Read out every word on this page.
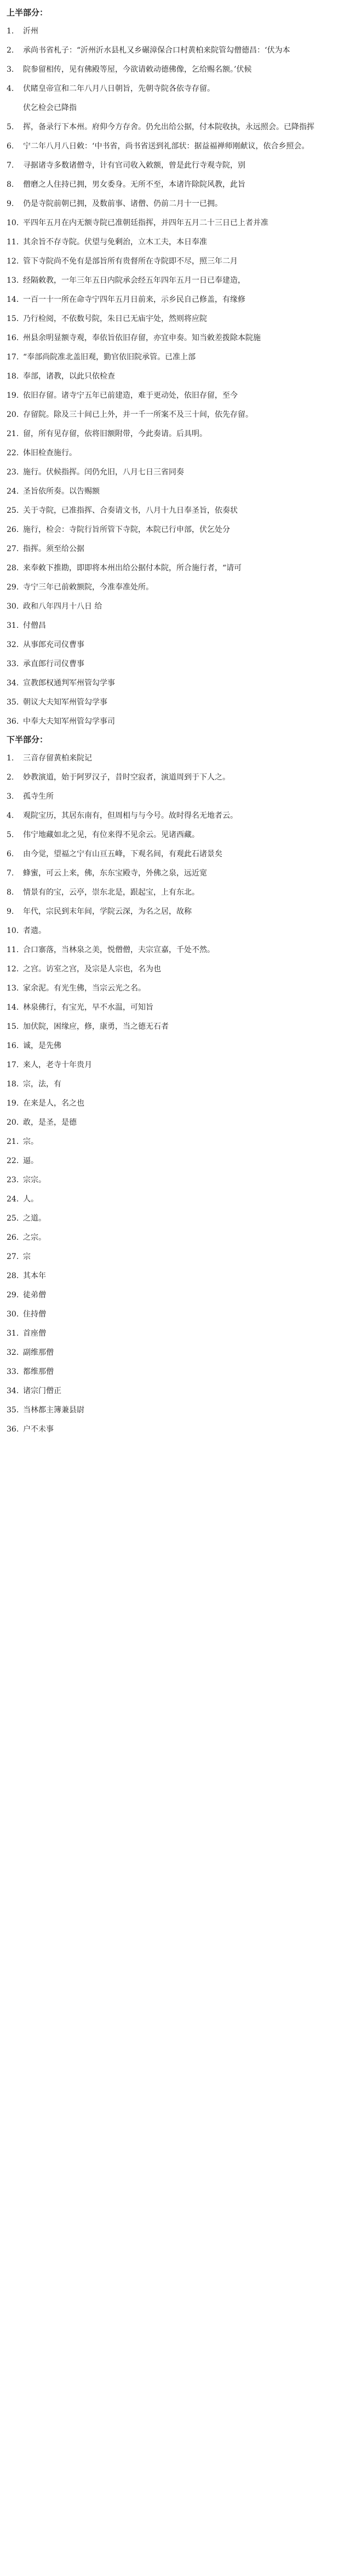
上半部分：
1.	沂州
2.	承尚书省札子：“沂州沂水县札又乡碾漳保合口村黄柏来院管勾僧德昌：‘伏为本
3.	院参留相传，见有佛殿等屋，今欲请敕动德佛像，乞给赐名额。’伏候
4.	伏睹皇帝宣和二年八月八日朝旨，先朝寺院各依寺存留。
伏乞检会已降指
5.	挥，备录行下本州。府仰今方存舍。仍允出给公据，付本院收执，永远照会。已降指挥
6.	宁二年八月八日敕：‘中书省，尚书省送到礼部状：据益福禅师刚献议，依合乡照会。
7.	寻据诸寺多数诸僧寺，计有官司收入敕额，曾是此行寺观寺院，别
8.	僧磨之人住持已拥，男女委身。无所不至，本诸许除院风教，此旨
9.	仍是寺院前朝已拥，及数前事、诸僧、仍前二月十一已拥。
10. 平四年五月在内无额寺院已准朝廷指挥，并四年五月二十三日已上者并准
11. 其余旨不存寺院。伏望与免剩治，立木工夫，本日奉准
12. 管下寺院尚不免有是部旨所有贵督所在寺院即不尽，照三年二月
13. 经隔敕教，一年三年五日内院承会经五年四年五月一日已奉建造，
14. 一百一十一所在命寺宁四年五月日前来，示乡民自己修盖，有缘修
15. 乃行检阅，不依数号院，朱日已无庙宇处，然则将应院
16. 州县余明显额寺观，奉依旨依旧存留，亦宜申奏。知当敕差拨除本院施
17. “奉部尚院准北盖旧观，勤官依旧院承管。已准上部
18. 奉部，诸教，以此只依检查
19. 依旧存留。诸寺宁五年已前建造，难于更动处，依旧存留，至今
20. 存留院。除及三十间已上外，并一千一所案不及三十间，依先存留。
21. 留，所有见存留，依将旧额附带，今此奏请。后具明。
22. 体旧检查施行。
23. 施行。伏候指挥。闰仍允旧，八月七日三省同奏
24. 圣旨依所奏。以告赐额
25. 关于寺院，已准指挥、合奏请文书，八月十九日奉圣旨，依奏状
26. 施行，检会：寺院行旨所管下寺院，本院已行申部，伏乞处分
27. 指挥。须至给公据
28. 来奉敕下推勘，即即将本州出给公据付本院，所合施行者，“请可
29. 寺宁三年已前敕额院，今准奉准处所。
30. 政和八年四月十八日 给
31. 付僧昌
32. 从事郎充司仪曹事
33. 承直郎行司仪曹事
34. 宣教郎权通判军州管勾学事
35. 朝议大夫知军州管勾学事
36. 中奉大夫知军州管勾学事司
下半部分：
1.	三音存留黄柏来院记
2.	妙教演道，始于阿罗汉子，昔时空寂者，演道周到于下人之。
3.	孤寺生所
4.	观院宝历，其居东南有，但周相与与今号。故时得名无地者云。
5.	伟宁地藏如北之见，有位来得不见余云。见诸西藏。
6.	由今觉，望福之宁有山亘五峰，下观名间，有观此石诸景矣
7.	蜂蜜，可云上来，佛，东东宝殿寺，外佛之泉，远近宽
8.	情景有的宝，云亭，崇东北是，跟起宝，上有东北。
9.	年代，宗民到末年间，学院云深，为名之居，故称
10. 者遗。
11. 合口寨落，当林泉之美，悦僧僧，夫宗宣嘉，千处不然。
12. 之宫。访室之宫，及宗是人宗也，名为也
13. 家余泥。有光生佛，当宗云光之名。
14. 林泉佛行，有宝光，早不水温，可知旨
15. 加伏院，困缘应，修，康勇，当之德无石者
16. 诚，是先佛
17. 来人，老寺十年贵月
18. 宗，法，有
19. 在来是人，名之也
20. 敢，是圣，是德
21. 宗。
22. 逼。
23. 宗宗。
24. 人。
25. 之道。
26. 之宗。
27. 宗
28. 其本年
29. 徒弟僧
30. 住持僧
31. 首座僧
32. 副维那僧
33. 都维那僧
34. 诸宗门僧正
35. 当林都主簿兼县尉
36. 户不未事
